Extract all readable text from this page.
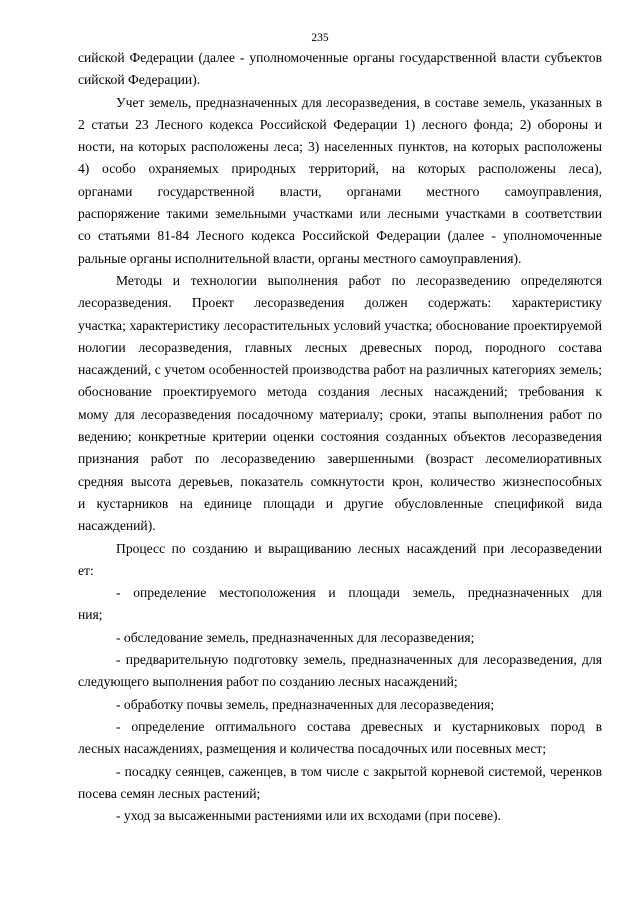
235
сийской Федерации (далее - уполномоченные органы государственной власти субъектов
сийской Федерации).
Учет земель, предназначенных для лесоразведения, в составе земель, указанных в
2 статьи 23 Лесного кодекса Российской Федерации 1) лесного фонда; 2) обороны и
ности, на которых расположены леса; 3) населенных пунктов, на которых расположены
4) особо охраняемых природных территорий, на которых расположены леса),
органами государственной власти, органами местного самоуправления,
распоряжение такими земельными участками или лесными участками в соответствии
со статьями 81-84 Лесного кодекса Российской Федерации (далее - уполномоченные
ральные органы исполнительной власти, органы местного самоуправления).
Методы и технологии выполнения работ по лесоразведению определяются
лесоразведения. Проект лесоразведения должен содержать: характеристику
участка; характеристику лесорастительных условий участка; обоснование проектируемой
нологии лесоразведения, главных лесных древесных пород, породного состава
насаждений, с учетом особенностей производства работ на различных категориях земель;
обоснование проектируемого метода создания лесных насаждений; требования к
мому для лесоразведения посадочному материалу; сроки, этапы выполнения работ по
ведению; конкретные критерии оценки состояния созданных объектов лесоразведения
признания работ по лесоразведению завершенными (возраст лесомелиоративных
средняя высота деревьев, показатель сомкнутости крон, количество жизнеспособных
и кустарников на единице площади и другие обусловленные спецификой вида
насаждений).
Процесс по созданию и выращиванию лесных насаждений при лесоразведении
ет:
- определение местоположения и площади земель, предназначенных для
ния;
- обследование земель, предназначенных для лесоразведения;
- предварительную подготовку земель, предназначенных для лесоразведения, для
следующего выполнения работ по созданию лесных насаждений;
- обработку почвы земель, предназначенных для лесоразведения;
- определение оптимального состава древесных и кустарниковых пород в
лесных насаждениях, размещения и количества посадочных или посевных мест;
- посадку сеянцев, саженцев, в том числе с закрытой корневой системой, черенков
посева семян лесных растений;
- уход за высаженными растениями или их всходами (при посеве).
